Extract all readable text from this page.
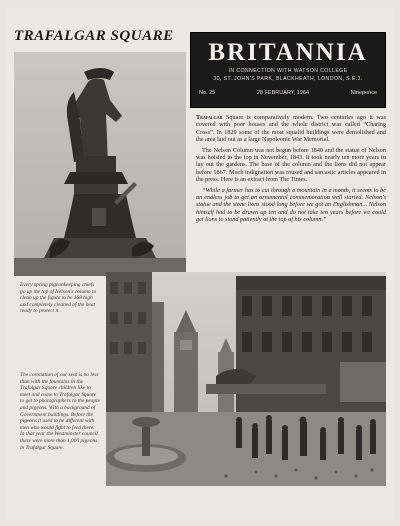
TRAFALGAR SQUARE
BRITANNIA
IN CONNECTION WITH WATSON COLLEGE
30, ST. JOHN'S PARK, BLACKHEATH, LONDON, S.E.3.
No. 25	28 FEBRUARY, 1964	Ninepence
Every spring pigeonkeeping chiefs go up the top of Nelson's column to clean up the figure to be 168 high and completely cleaned of the heat ready to protect it.
The coronation of our seat is no less than with the fountains in the Trafalgar Square children like to meet and come to Trafalgar Square to get to photographers to the people and pigeons. With a background of Government buildings. Before the pigeons it used to be different with men who would fight to feed there. In that year the Westminster council there were more than 1,000 pigeons in Trafalgar Square.

Trafalgar Square is comparatively modern. Two centuries ago it was covered with poor houses and the whole district was called “Charing Cross”. In 1829 some of the most squalid buildings were demolished and the area laid out as a large Napoleonic War Memorial.

The Nelson Column was not begun before 1840 and the statue of Nelson was hoisted to the top in November, 1843. It took nearly ten more years to lay out the gardens. The base of the column and the lions did not appear before 1867. Much indignation was roused and sarcastic articles appeared in the press. Here is an extract from The Times.

“While a farmer has to cut through a mountain in a month, it seems to be an endless job to get an ornamental commemoration well started. Nelson's statue and the stone lions stood long before we got an Englishman... Nelson himself had to be drawn up ten and do not take ten years before we could get lions to stand patiently at the top of his column.”
